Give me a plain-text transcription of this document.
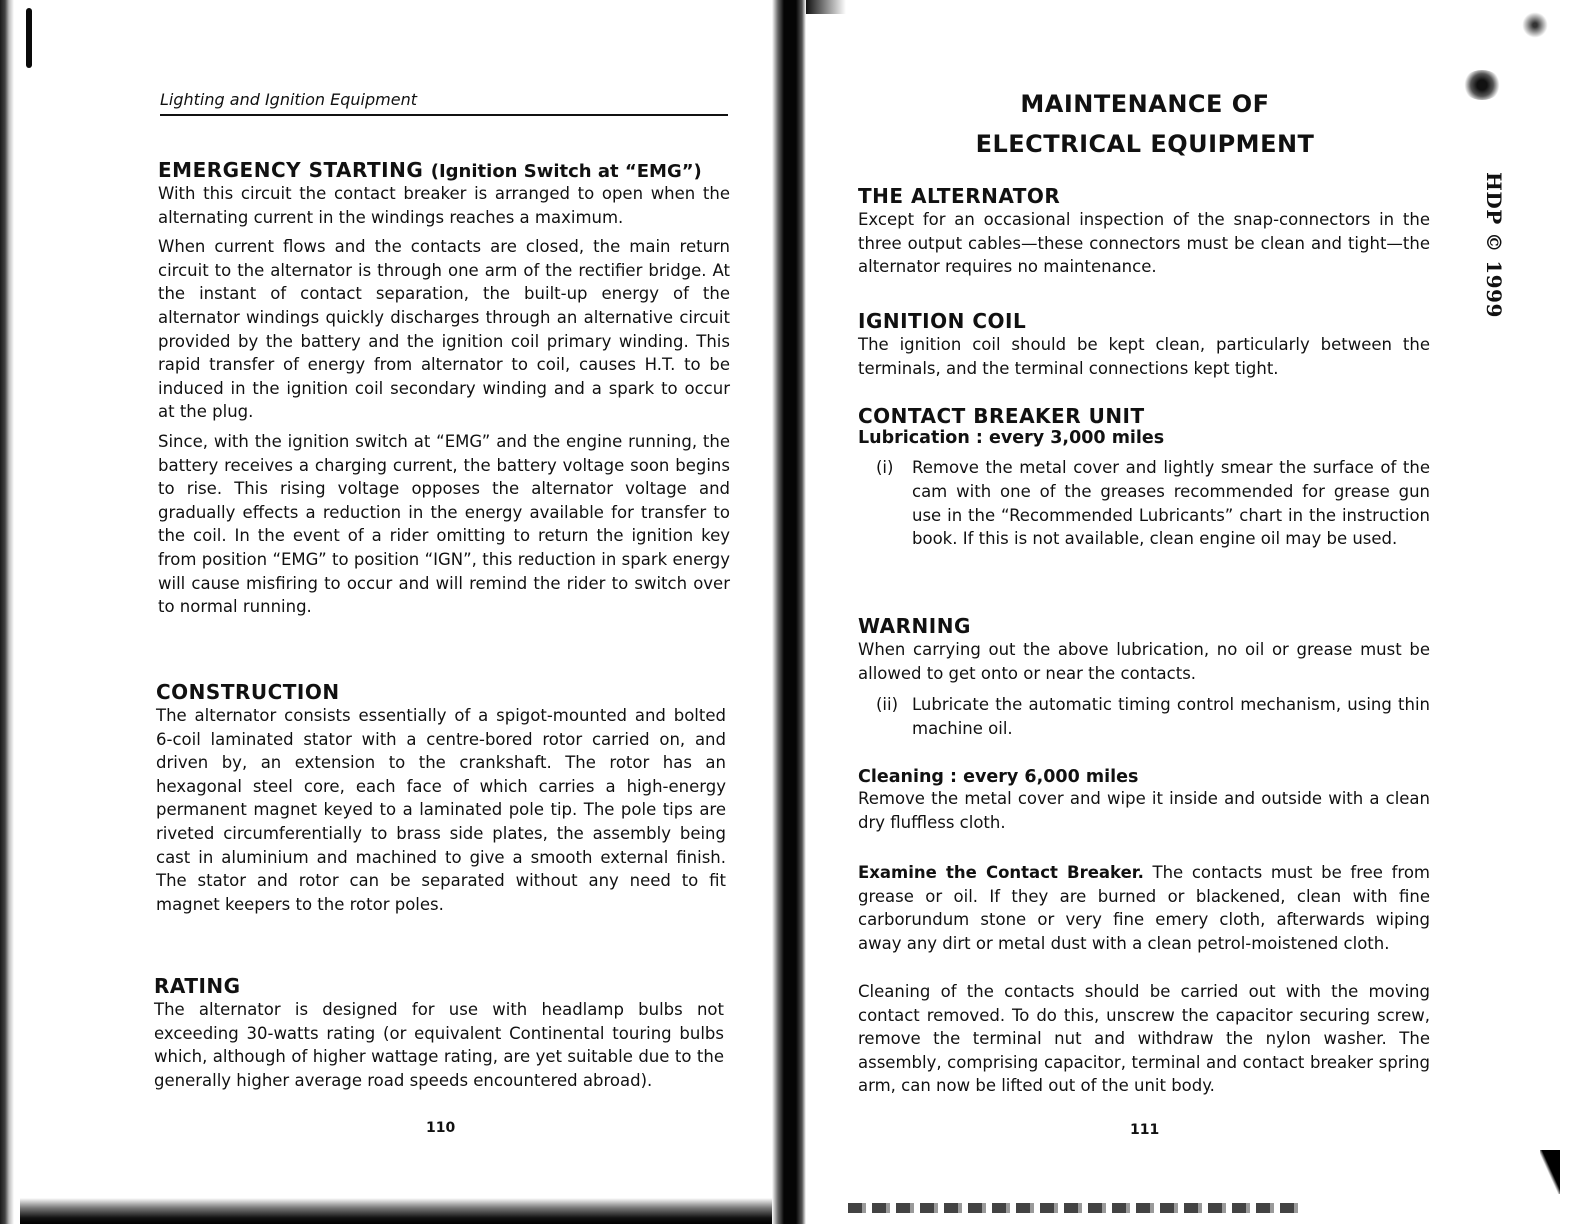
Lighting and Ignition Equipment
EMERGENCY STARTING (Ignition Switch at “EMG”)

With this circuit the contact breaker is arranged to open when the alternating current in the windings reaches a maximum.

When current flows and the contacts are closed, the main return circuit to the alternator is through one arm of the rectifier bridge. At the instant of contact separation, the built-up energy of the alternator windings quickly discharges through an alternative circuit provided by the battery and the ignition coil primary winding. This rapid transfer of energy from alternator to coil, causes H.T. to be induced in the ignition coil secondary winding and a spark to occur at the plug.

Since, with the ignition switch at “EMG” and the engine running, the battery receives a charging current, the battery voltage soon begins to rise. This rising voltage opposes the alternator voltage and gradually effects a reduction in the energy available for transfer to the coil. In the event of a rider omitting to return the ignition key from position “EMG” to position “IGN”, this reduction in spark energy will cause misfiring to occur and will remind the rider to switch over to normal running.

CONSTRUCTION

The alternator consists essentially of a spigot-mounted and bolted 6-coil laminated stator with a centre-bored rotor carried on, and driven by, an extension to the crankshaft. The rotor has an hexagonal steel core, each face of which carries a high-energy permanent magnet keyed to a laminated pole tip. The pole tips are riveted circumferentially to brass side plates, the assembly being cast in aluminium and machined to give a smooth external finish. The stator and rotor can be separated without any need to fit magnet keepers to the rotor poles.

RATING

The alternator is designed for use with headlamp bulbs not exceeding 30-watts rating (or equivalent Continental touring bulbs which, although of higher wattage rating, are yet suitable due to the generally higher average road speeds encountered abroad).

110
MAINTENANCE OF
ELECTRICAL EQUIPMENT
THE ALTERNATOR

Except for an occasional inspection of the snap-connectors in the three output cables—these connectors must be clean and tight—the alternator requires no maintenance.

IGNITION COIL

The ignition coil should be kept clean, particularly between the terminals, and the terminal connections kept tight.

CONTACT BREAKER UNIT
Lubrication : every 3,000 miles
(i)	Remove the metal cover and lightly smear the surface of the cam with one of the greases recommended for grease gun use in the “Recommended Lubricants” chart in the instruction book. If this is not available, clean engine oil may be used.
WARNING

When carrying out the above lubrication, no oil or grease must be allowed to get onto or near the contacts.

(ii) Lubricate the automatic timing control mechanism, using thin machine oil.
Cleaning : every 6,000 miles

Remove the metal cover and wipe it inside and outside with a clean dry fluffless cloth.

Examine the Contact Breaker. The contacts must be free from grease or oil. If they are burned or blackened, clean with fine carborundum stone or very fine emery cloth, afterwards wiping away any dirt or metal dust with a clean petrol-moistened cloth.

Cleaning of the contacts should be carried out with the moving contact removed. To do this, unscrew the capacitor securing screw, remove the terminal nut and withdraw the nylon washer. The assembly, comprising capacitor, terminal and contact breaker spring arm, can now be lifted out of the unit body.

111
HDP © 1999
